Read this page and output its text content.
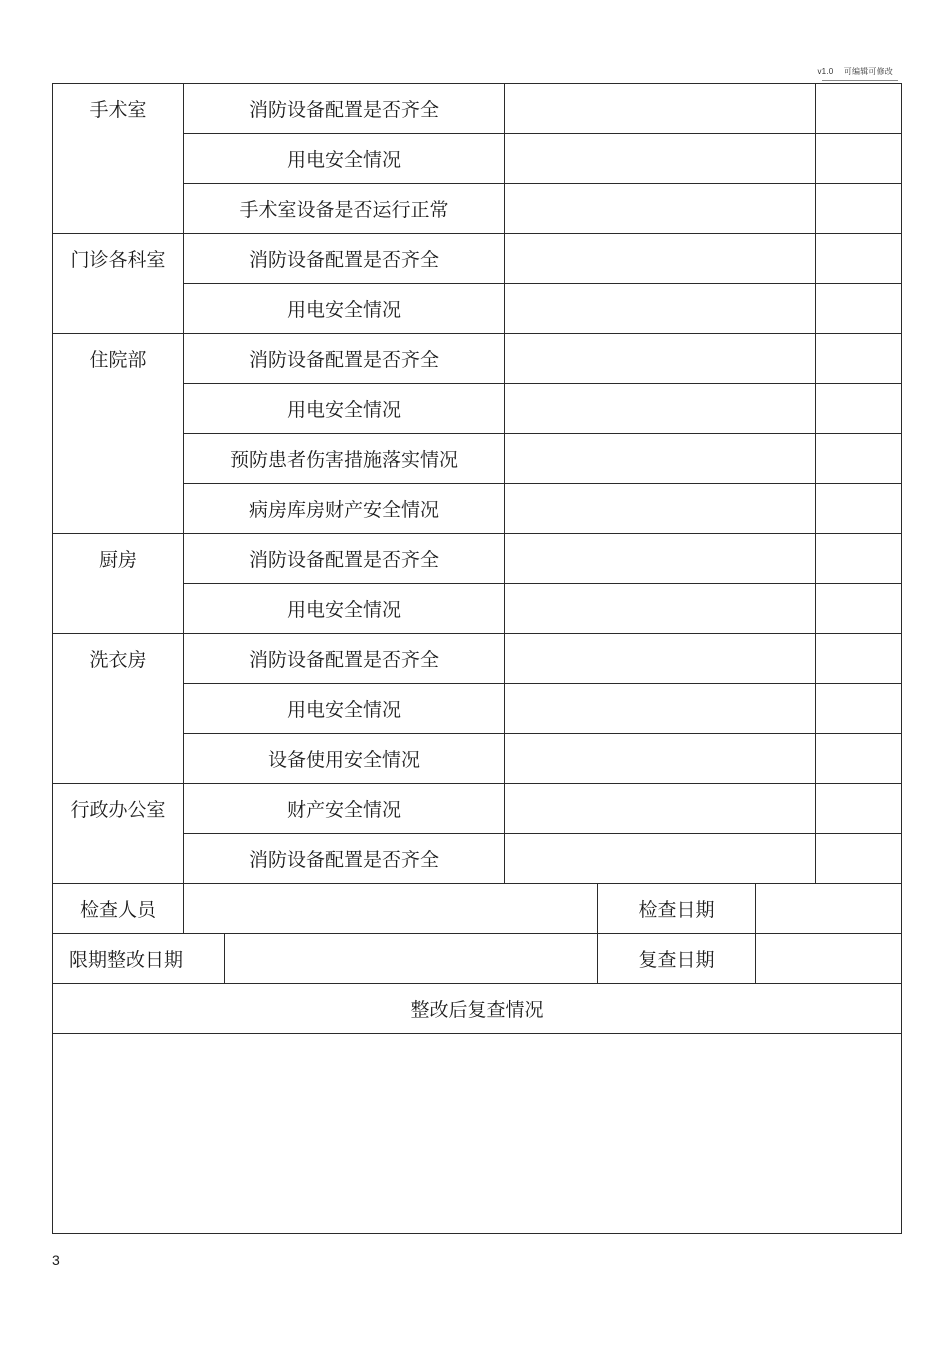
v1.0 可编辑可修改
手术室	消防设备配置是否齐全					
	用电安全情况					
	手术室设备是否运行正常					
门诊各科室	消防设备配置是否齐全					
	用电安全情况					
住院部	消防设备配置是否齐全					
	用电安全情况					
	预防患者伤害措施落实情况					
	病房库房财产安全情况					
厨房	消防设备配置是否齐全					
	用电安全情况					
洗衣房	消防设备配置是否齐全					
	用电安全情况					
	设备使用安全情况					
行政办公室	财产安全情况					
	消防设备配置是否齐全					
检查人员				检查日期		
限期整改日期				复查日期		
整改后复查情况						

3
